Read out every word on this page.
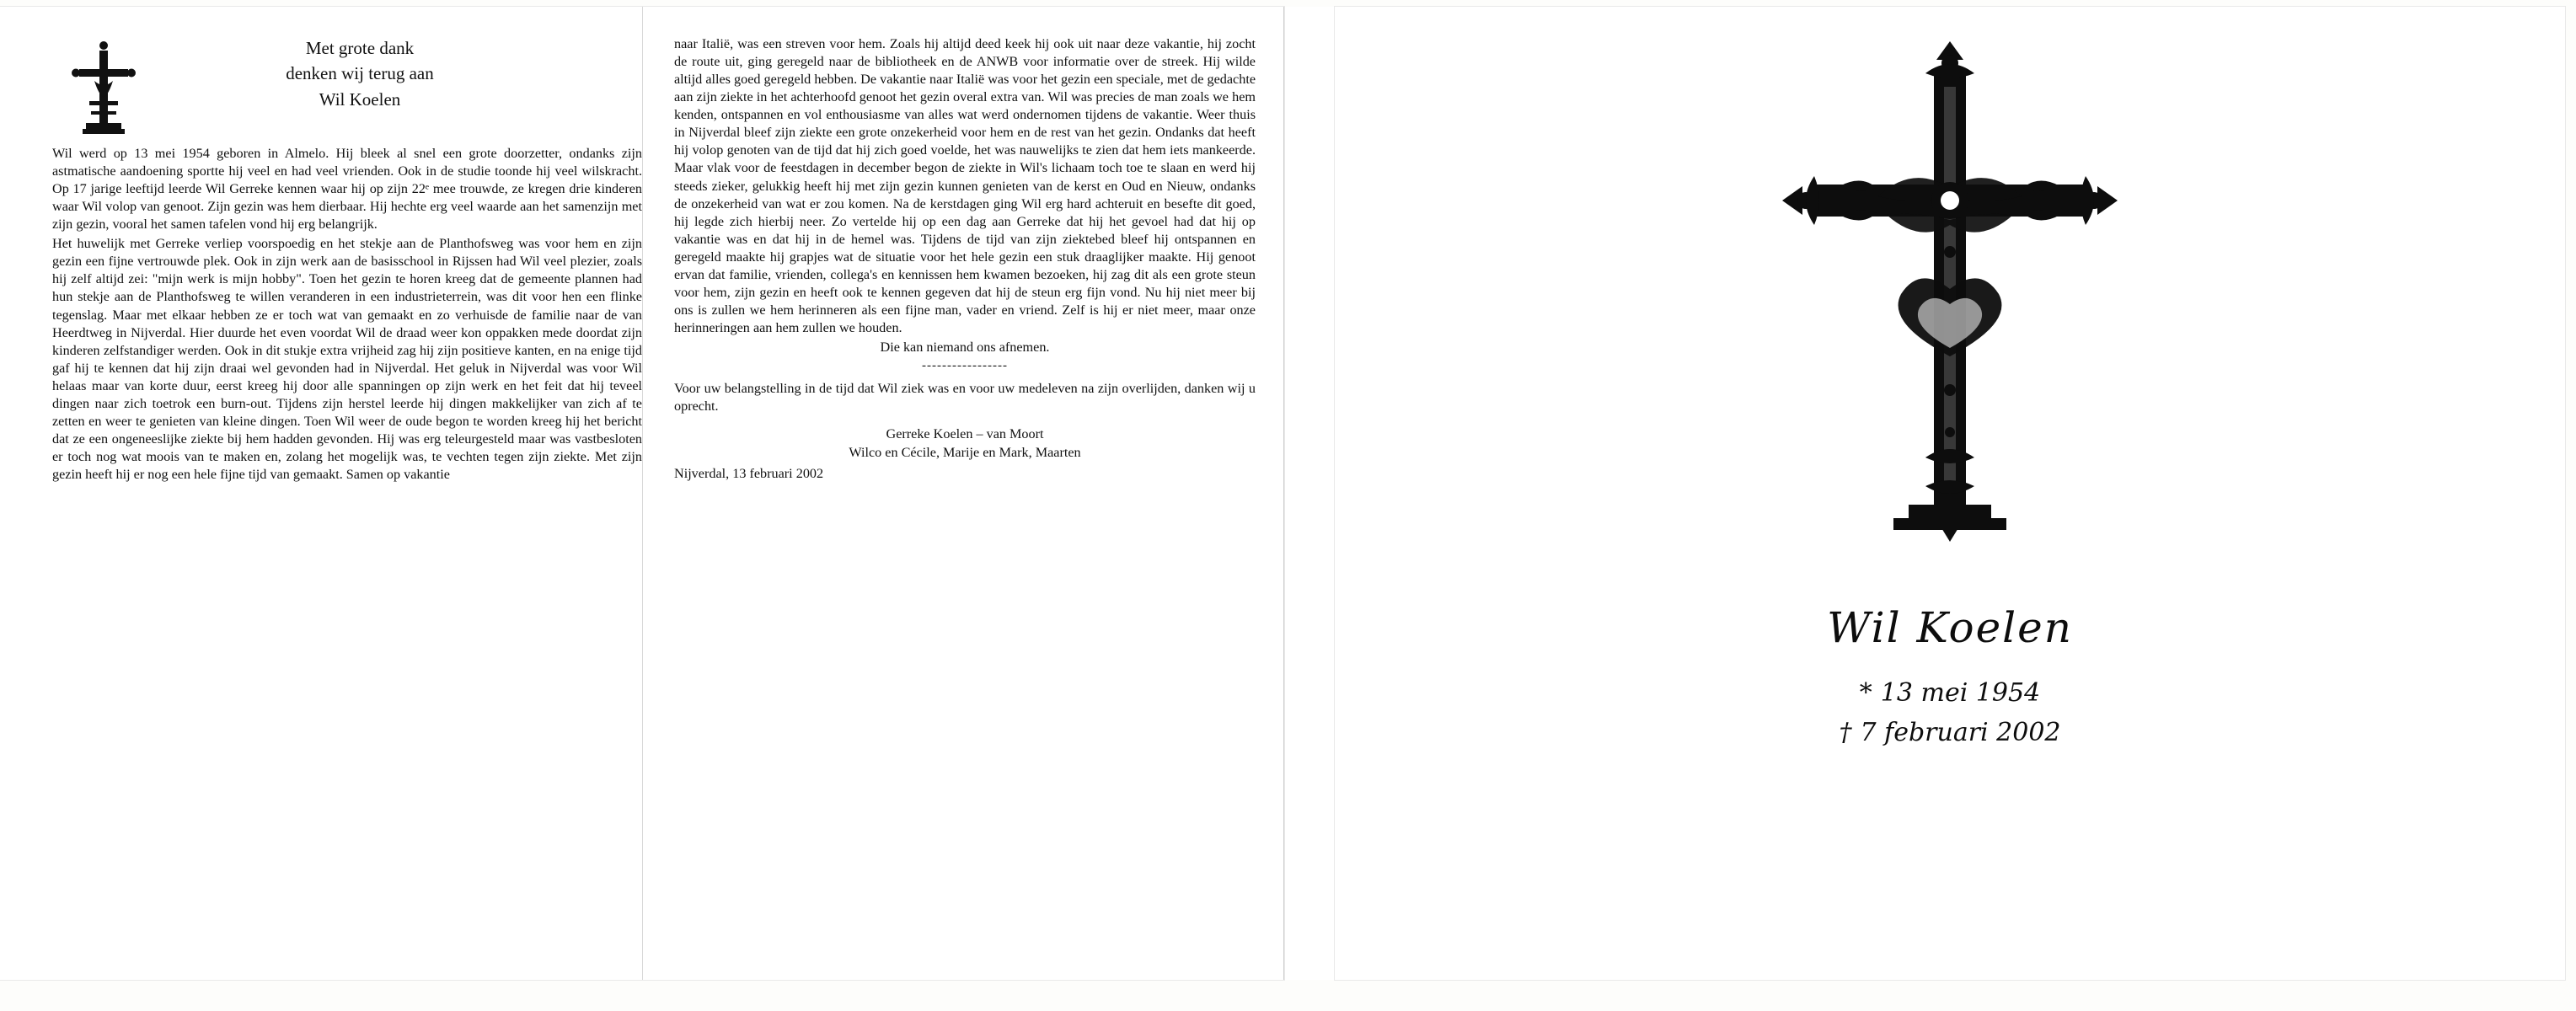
Met grote dank
denken wij terug aan
Wil Koelen

Wil werd op 13 mei 1954 geboren in Almelo. Hij bleek al snel een grote doorzetter, ondanks zijn astmatische aandoening sportte hij veel en had veel vrienden. Ook in de studie toonde hij veel wilskracht. Op 17 jarige leeftijd leerde Wil Gerreke kennen waar hij op zijn 22ᵉ mee trouwde, ze kregen drie kinderen waar Wil volop van genoot. Zijn gezin was hem dierbaar. Hij hechte erg veel waarde aan het samenzijn met zijn gezin, vooral het samen tafelen vond hij erg belangrijk.

Het huwelijk met Gerreke verliep voorspoedig en het stekje aan de Planthofsweg was voor hem en zijn gezin een fijne vertrouwde plek. Ook in zijn werk aan de basisschool in Rijssen had Wil veel plezier, zoals hij zelf altijd zei: "mijn werk is mijn hobby". Toen het gezin te horen kreeg dat de gemeente plannen had hun stekje aan de Planthofsweg te willen veranderen in een industrieterrein, was dit voor hen een flinke tegenslag. Maar met elkaar hebben ze er toch wat van gemaakt en zo verhuisde de familie naar de van Heerdtweg in Nijverdal. Hier duurde het even voordat Wil de draad weer kon oppakken mede doordat zijn kinderen zelfstandiger werden. Ook in dit stukje extra vrijheid zag hij zijn positieve kanten, en na enige tijd gaf hij te kennen dat hij zijn draai wel gevonden had in Nijverdal. Het geluk in Nijverdal was voor Wil helaas maar van korte duur, eerst kreeg hij door alle spanningen op zijn werk en het feit dat hij teveel dingen naar zich toetrok een burn-out. Tijdens zijn herstel leerde hij dingen makkelijker van zich af te zetten en weer te genieten van kleine dingen. Toen Wil weer de oude begon te worden kreeg hij het bericht dat ze een ongeneeslijke ziekte bij hem hadden gevonden. Hij was erg teleurgesteld maar was vastbesloten er toch nog wat moois van te maken en, zolang het mogelijk was, te vechten tegen zijn ziekte. Met zijn gezin heeft hij er nog een hele fijne tijd van gemaakt. Samen op vakantie

naar Italië, was een streven voor hem. Zoals hij altijd deed keek hij ook uit naar deze vakantie, hij zocht de route uit, ging geregeld naar de bibliotheek en de ANWB voor informatie over de streek. Hij wilde altijd alles goed geregeld hebben. De vakantie naar Italië was voor het gezin een speciale, met de gedachte aan zijn ziekte in het achterhoofd genoot het gezin overal extra van. Wil was precies de man zoals we hem kenden, ontspannen en vol enthousiasme van alles wat werd ondernomen tijdens de vakantie. Weer thuis in Nijverdal bleef zijn ziekte een grote onzekerheid voor hem en de rest van het gezin. Ondanks dat heeft hij volop genoten van de tijd dat hij zich goed voelde, het was nauwelijks te zien dat hem iets mankeerde. Maar vlak voor de feestdagen in december begon de ziekte in Wil's lichaam toch toe te slaan en werd hij steeds zieker, gelukkig heeft hij met zijn gezin kunnen genieten van de kerst en Oud en Nieuw, ondanks de onzekerheid van wat er zou komen. Na de kerstdagen ging Wil erg hard achteruit en besefte dit goed, hij legde zich hierbij neer. Zo vertelde hij op een dag aan Gerreke dat hij het gevoel had dat hij op vakantie was en dat hij in de hemel was. Tijdens de tijd van zijn ziektebed bleef hij ontspannen en geregeld maakte hij grapjes wat de situatie voor het hele gezin een stuk draaglijker maakte. Hij genoot ervan dat familie, vrienden, collega's en kennissen hem kwamen bezoeken, hij zag dit als een grote steun voor hem, zijn gezin en heeft ook te kennen gegeven dat hij de steun erg fijn vond. Nu hij niet meer bij ons is zullen we hem herinneren als een fijne man, vader en vriend. Zelf is hij er niet meer, maar onze herinneringen aan hem zullen we houden.

Die kan niemand ons afnemen.

-----------------

Voor uw belangstelling in de tijd dat Wil ziek was en voor uw medeleven na zijn overlijden, danken wij u oprecht.

Gerreke Koelen – van Moort
Wilco en Cécile, Marije en Mark, Maarten
Nijverdal, 13 februari 2002
Wil Koelen
* 13 mei 1954
† 7 februari 2002
